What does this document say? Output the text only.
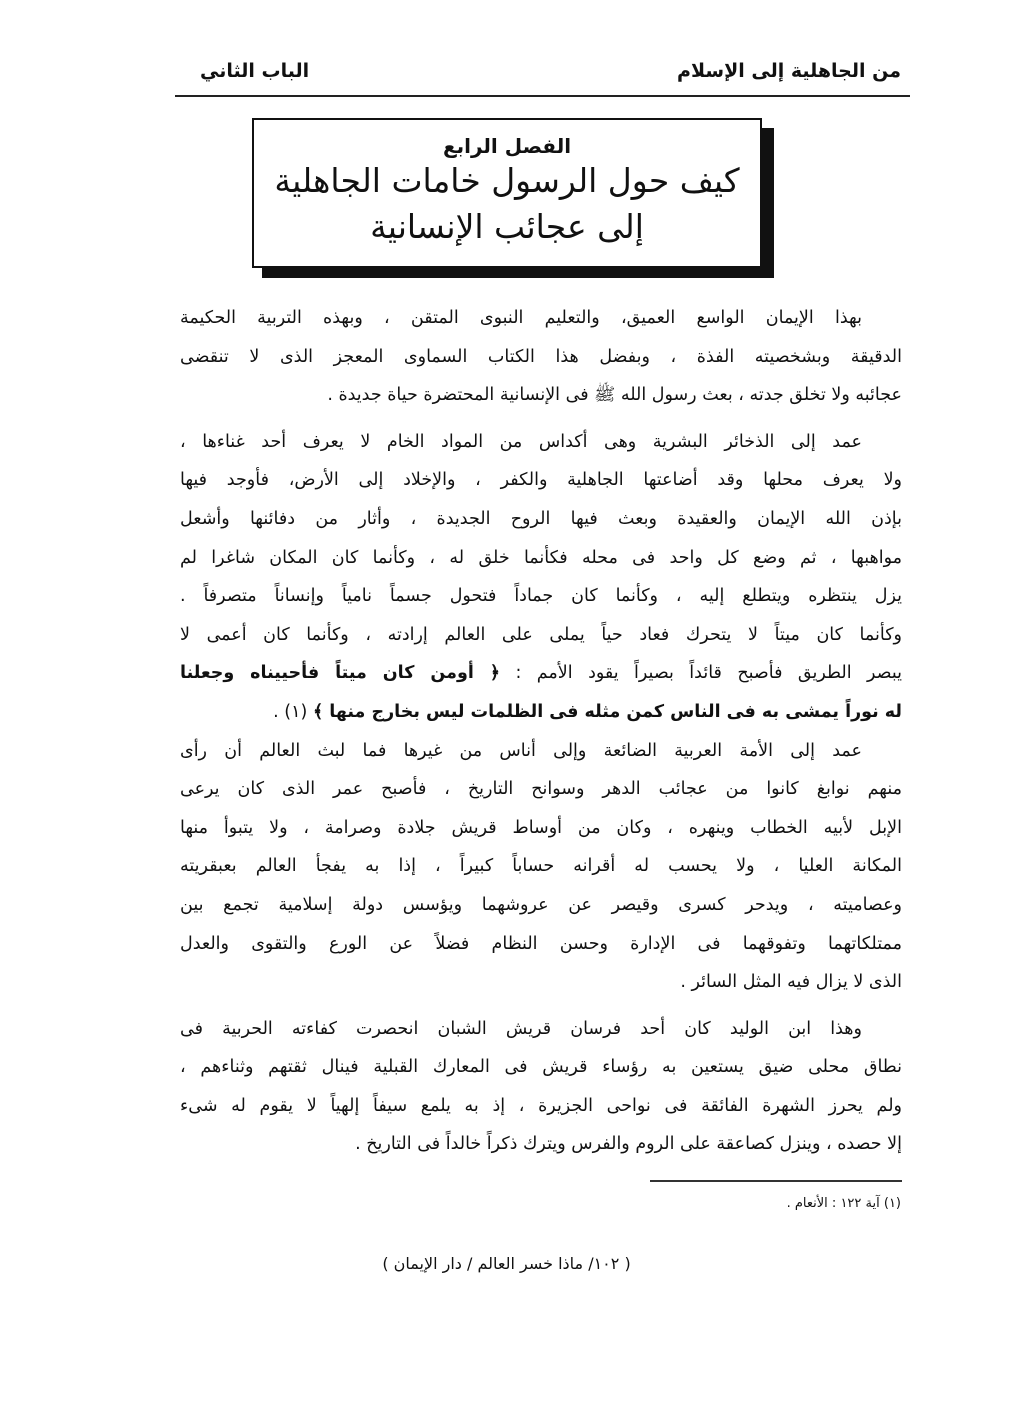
من الجاهلية إلى الإسلام
الباب الثاني
الفصل الرابع
كيف حول الرسول خامات الجاهلية
إلى عجائب الإنسانية
بهذا الإيمان الواسع العميق، والتعليم النبوى المتقن ، وبهذه التربية الحكيمة
الدقيقة وبشخصيته الفذة ، وبفضل هذا الكتاب السماوى المعجز الذى لا تنقضى
عجائبه ولا تخلق جدته ، بعث رسول الله ﷺ فى الإنسانية المحتضرة حياة جديدة .
عمد إلى الذخائر البشرية وهى أكداس من المواد الخام لا يعرف أحد غناءها ،
ولا يعرف محلها وقد أضاعتها الجاهلية والكفر ، والإخلاد إلى الأرض، فأوجد فيها
بإذن الله الإيمان والعقيدة وبعث فيها الروح الجديدة ، وأثار من دفائنها وأشعل
مواهبها ، ثم وضع كل واحد فى محله فكأنما خلق له ، وكأنما كان المكان شاغرا لم
يزل ينتظره ويتطلع إليه ، وكأنما كان جماداً فتحول جسماً نامياً وإنساناً متصرفاً .
وكأنما كان ميتاً لا يتحرك فعاد حياً يملى على العالم إرادته ، وكأنما كان أعمى لا
يبصر الطريق فأصبح قائداً بصيراً يقود الأمم : ﴿ أومن كان ميتاً فأحييناه وجعلنا
له نوراً يمشى به فى الناس كمن مثله فى الظلمات ليس بخارج منها ﴾ (١) .
عمد إلى الأمة العربية الضائعة وإلى أناس من غيرها فما لبث العالم أن رأى
منهم نوابغ كانوا من عجائب الدهر وسوانح التاريخ ، فأصبح عمر الذى كان يرعى
الإبل لأبيه الخطاب وينهره ، وكان من أوساط قريش جلادة وصرامة ، ولا يتبوأ منها
المكانة العليا ، ولا يحسب له أقرانه حساباً كبيراً ، إذا به يفجأ العالم بعبقريته
وعصاميته ، ويدحر كسرى وقيصر عن عروشهما ويؤسس دولة إسلامية تجمع بين
ممتلكاتهما وتفوقهما فى الإدارة وحسن النظام فضلاً عن الورع والتقوى والعدل
الذى لا يزال فيه المثل السائر .
وهذا ابن الوليد كان أحد فرسان قريش الشبان انحصرت كفاءته الحربية فى
نطاق محلى ضيق يستعين به رؤساء قريش فى المعارك القبلية فينال ثقتهم وثناءهم ،
ولم يحرز الشهرة الفائقة فى نواحى الجزيرة ، إذ به يلمع سيفاً إلهياً لا يقوم له شىء
إلا حصده ، وينزل كصاعقة على الروم والفرس ويترك ذكراً خالداً فى التاريخ .
(١) آية ١٢٢ : الأنعام .
( ١٠٢/ ماذا خسر العالم / دار الإيمان )
